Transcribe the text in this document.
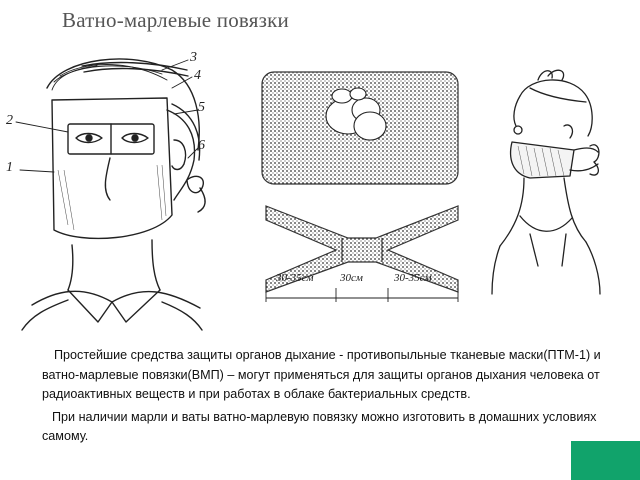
Ватно-марлевые повязки
1
2
3
4
5
6
30-35см 30см	30-35см

Простейшие средства защиты органов дыхание - противопыльные тканевые маски(ПТМ-1) и ватно-марлевые повязки(ВМП) – могут применяться для защиты органов дыхания человека от радиоактивных веществ и при работах в облаке бактериальных средств.

При наличии марли и ваты ватно-марлевую повязку можно изготовить в домашних условиях самому.
